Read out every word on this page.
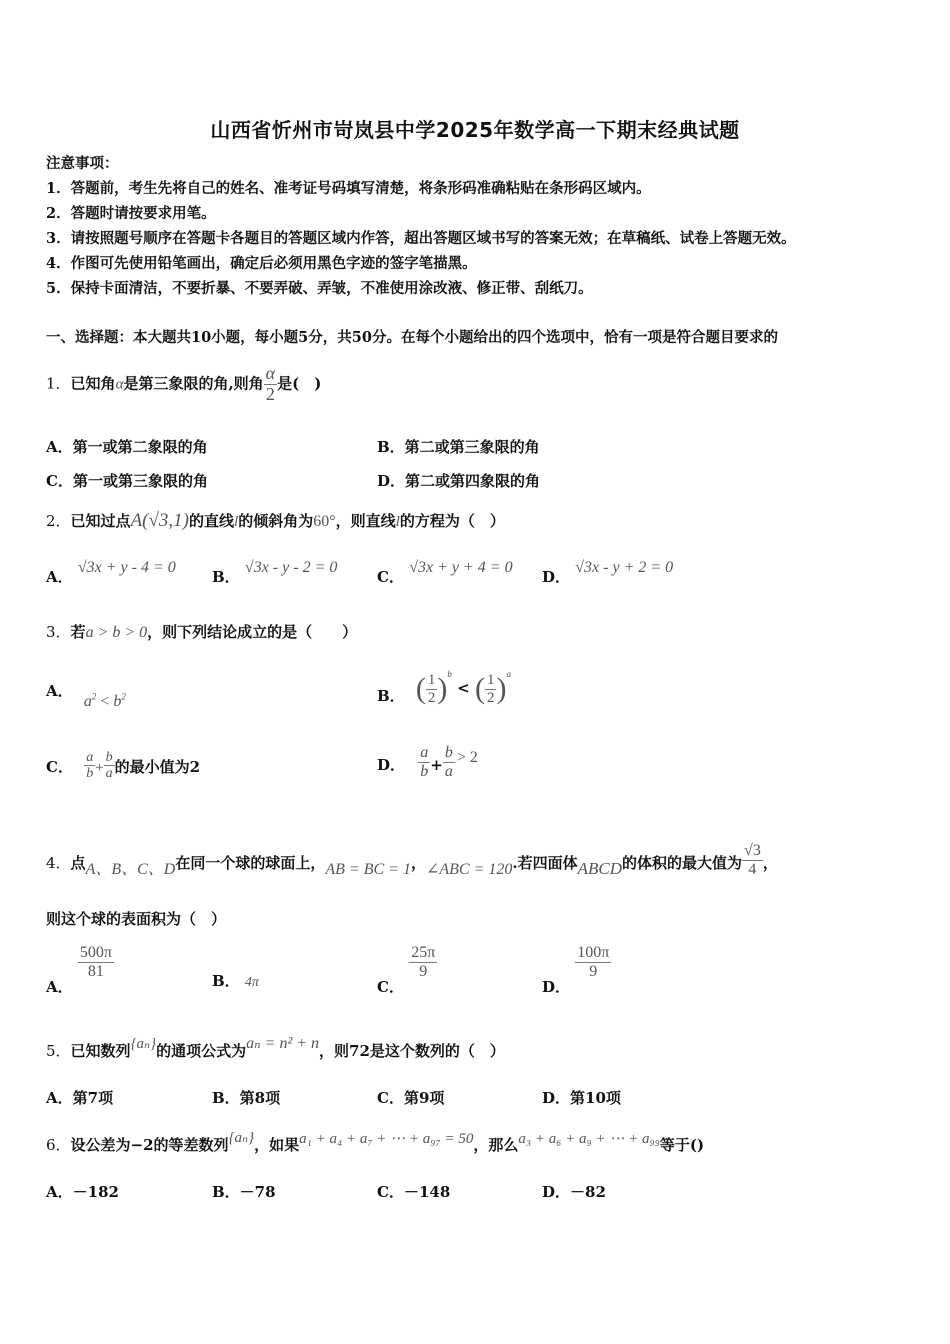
山西省忻州市岢岚县中学2025年数学高一下期末经典试题
注意事项：
1．答题前，考生先将自己的姓名、准考证号码填写清楚，将条形码准确粘贴在条形码区域内。
2．答题时请按要求用笔。
3．请按照题号顺序在答题卡各题目的答题区域内作答，超出答题区域书写的答案无效；在草稿纸、试卷上答题无效。
4．作图可先使用铅笔画出，确定后必须用黑色字迹的签字笔描黑。
5．保持卡面清洁，不要折暴、不要弄破、弄皱，不准使用涂改液、修正带、刮纸刀。
一、选择题：本大题共10小题，每小题5分，共50分。在每个小题给出的四个选项中，恰有一项是符合题目要求的
1．已知角α是第三象限的角,则角 $\frac{\alpha}{2}$ 是(　)
A．第一或第二象限的角	B．第二或第三象限的角
C．第一或第三象限的角	D．第二或第四象限的角
2．已知过点A(√3,1)的直线l的倾斜角为60°，则直线l的方程为（　）
A． √3x + y - 4 = 0
B． √3x - y - 2 = 0
C． √3x + y + 4 = 0
D． √3x - y + 2 = 0
3．若a > b > 0，则下列结论成立的是（　　）
A． $a^2 < b^2$	B． ( $\frac{1}{2} )^b$ < ( $\frac{1}{2} )^a$
C． $\frac{a}{b} + \frac{b}{a}$ 的最小值为2	D． $\frac{a}{b} + \frac{b}{a} > 2$
4．点A、B、C、D在同一个球的球面上，AB = BC = 1，∠ABC = 120.若四面体ABCD的体积的最大值为 $\frac{√3}{4}$ ，
则这个球的表面积为（　）
A．
$\frac{500\pi}{81}$
B． 4π	C．
$\frac{25\pi}{9}$
D．
$\frac{100\pi}{9}$
5．已知数列{aₙ}的通项公式为aₙ = n² + n，则72是这个数列的（　）
A．第7项	B．第8项	C．第9项	D．第10项
6．设公差为−2的等差数列{aₙ}，如果a₁ + a₄ + a₇ + ⋯ + a₉₇ = 50，那么a₃ + a₆ + a₉ + ⋯ + a₉₉等于()
A．－182	B．－78	C．－148	D．－82
